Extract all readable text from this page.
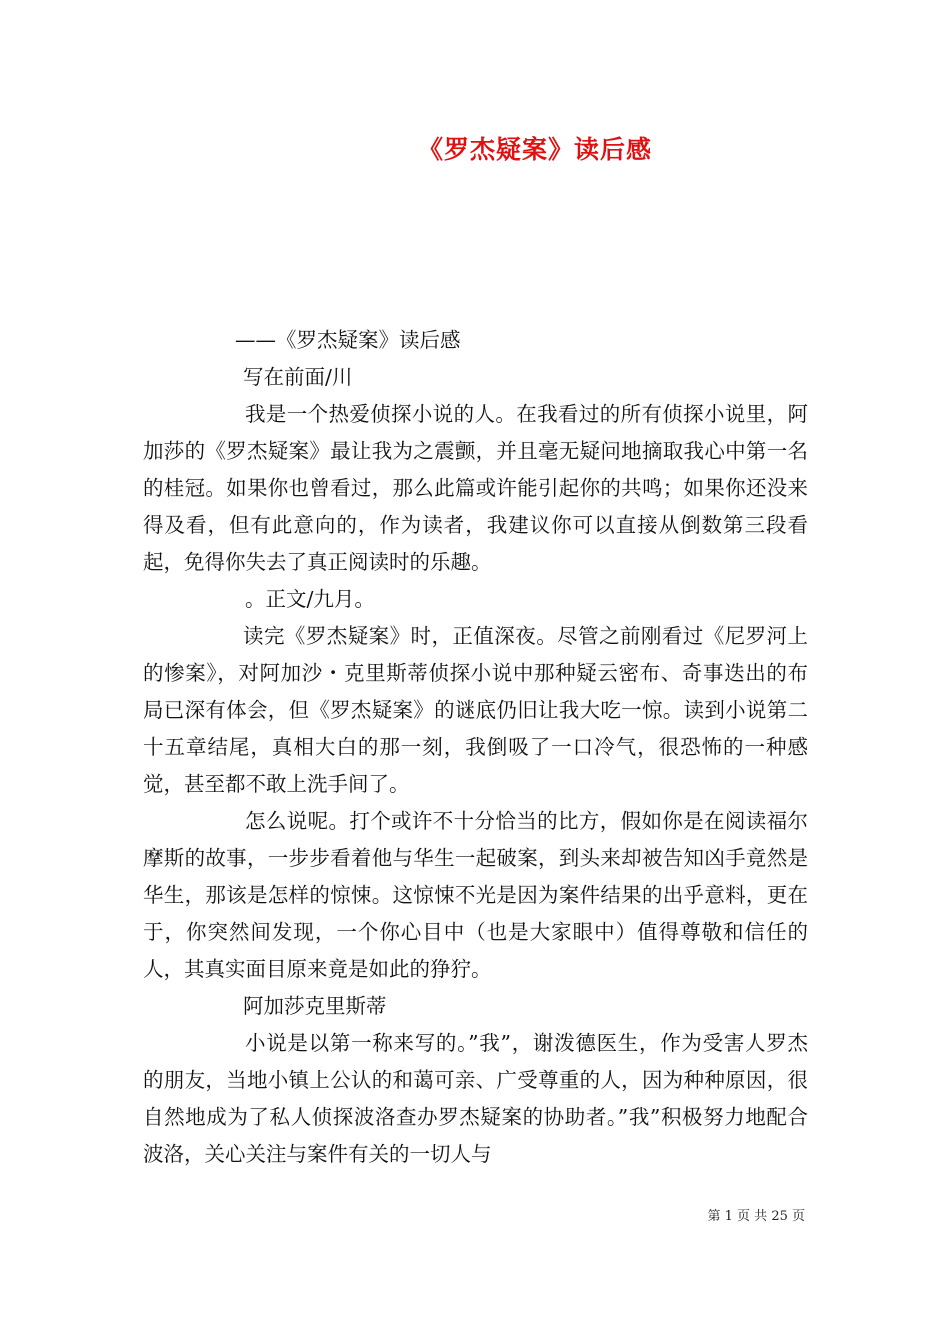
《罗杰疑案》读后感

——《罗杰疑案》读后感

写在前面/川

我是一个热爱侦探小说的人。在我看过的所有侦探小说里，阿加莎的《罗杰疑案》最让我为之震颤，并且毫无疑问地摘取我心中第一名的桂冠。如果你也曾看过，那么此篇或许能引起你的共鸣；如果你还没来得及看，但有此意向的，作为读者，我建议你可以直接从倒数第三段看起，免得你失去了真正阅读时的乐趣。

。正文/九月。

读完《罗杰疑案》时，正值深夜。尽管之前刚看过《尼罗河上的惨案》，对阿加沙・克里斯蒂侦探小说中那种疑云密布、奇事迭出的布局已深有体会，但《罗杰疑案》的谜底仍旧让我大吃一惊。读到小说第二十五章结尾，真相大白的那一刻，我倒吸了一口冷气，很恐怖的一种感觉，甚至都不敢上洗手间了。

怎么说呢。打个或许不十分恰当的比方，假如你是在阅读福尔摩斯的故事，一步步看着他与华生一起破案，到头来却被告知凶手竟然是华生，那该是怎样的惊悚。这惊悚不光是因为案件结果的出乎意料，更在于，你突然间发现，一个你心目中（也是大家眼中）值得尊敬和信任的人，其真实面目原来竟是如此的狰狞。

阿加莎克里斯蒂

小说是以第一称来写的。”我”，谢泼德医生，作为受害人罗杰的朋友，当地小镇上公认的和蔼可亲、广受尊重的人，因为种种原因，很自然地成为了私人侦探波洛查办罗杰疑案的协助者。”我”积极努力地配合波洛，关心关注与案件有关的一切人与

第 1 页 共 25 页
